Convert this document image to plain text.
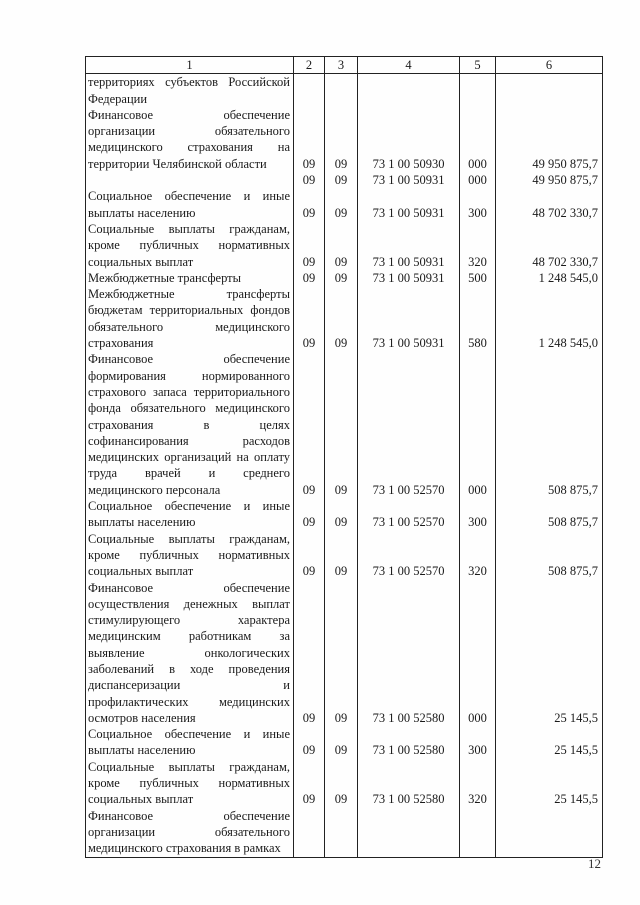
1	2	3	4	5	6
территориях субъектов Российской Федерации					
Финансовое обеспечение организации обязательного медицинского страхования на территории Челябинской области	09	09	73 1 00 50930	000	49 950 875,7
	09	09	73 1 00 50931	000	49 950 875,7
Социальное обеспечение и иные выплаты населению	09	09	73 1 00 50931	300	48 702 330,7
Социальные выплаты гражданам, кроме публичных нормативных социальных выплат	09	09	73 1 00 50931	320	48 702 330,7
Межбюджетные трансферты	09	09	73 1 00 50931	500	1 248 545,0
Межбюджетные трансферты бюджетам территориальных фондов обязательного медицинского страхования	09	09	73 1 00 50931	580	1 248 545,0
Финансовое обеспечение формирования нормированного страхового запаса территориального фонда обязательного медицинского страхования в целях софинансирования расходов медицинских организаций на оплату труда врачей и среднего медицинского персонала	09	09	73 1 00 52570	000	508 875,7
Социальное обеспечение и иные выплаты населению	09	09	73 1 00 52570	300	508 875,7
Социальные выплаты гражданам, кроме публичных нормативных социальных выплат	09	09	73 1 00 52570	320	508 875,7
Финансовое обеспечение осуществления денежных выплат стимулирующего характера медицинским работникам за выявление онкологических заболеваний в ходе проведения диспансеризации и профилактических медицинских осмотров населения	09	09	73 1 00 52580	000	25 145,5
Социальное обеспечение и иные выплаты населению	09	09	73 1 00 52580	300	25 145,5
Социальные выплаты гражданам, кроме публичных нормативных социальных выплат	09	09	73 1 00 52580	320	25 145,5
Финансовое обеспечение организации обязательного медицинского страхования в рамках					
12
